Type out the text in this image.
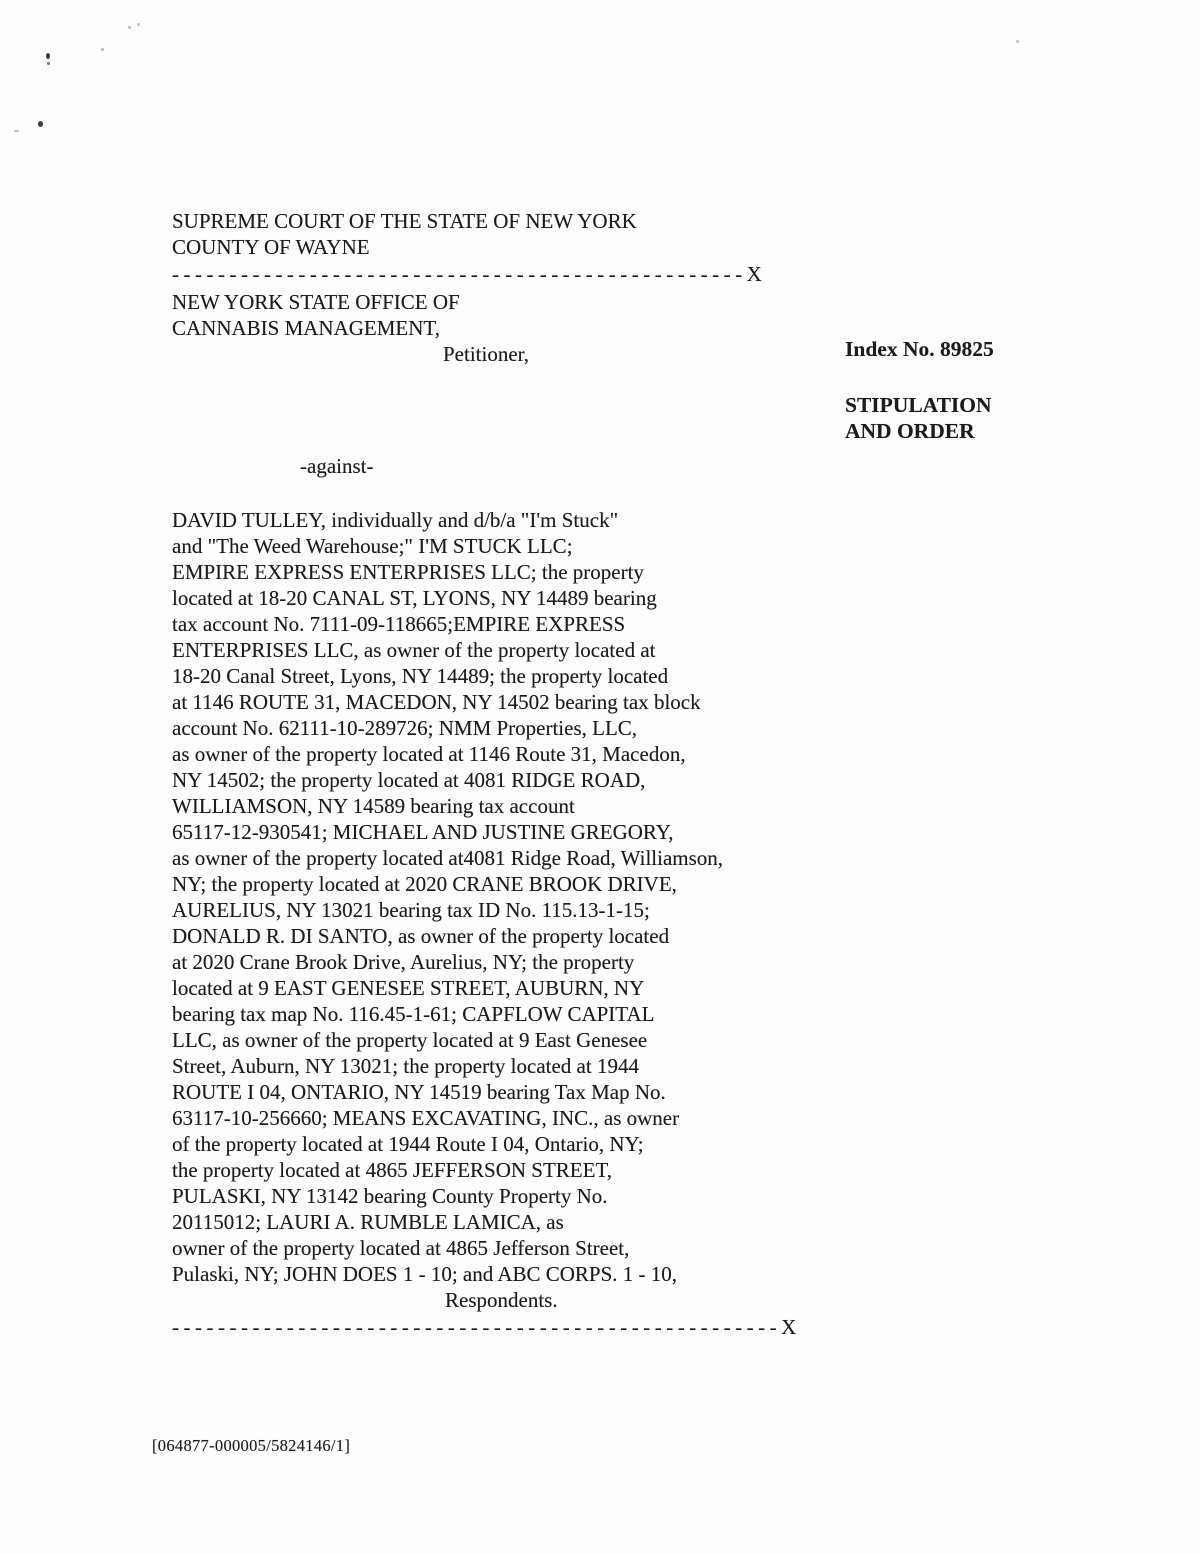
SUPREME COURT OF THE STATE OF NEW YORK
COUNTY OF WAYNE
--------------------------------------------------X
NEW YORK STATE OFFICE OF
CANNABIS MANAGEMENT,
Petitioner,
-against-
DAVID TULLEY, individually and d/b/a "I'm Stuck"
and "The Weed Warehouse;" I'M STUCK LLC;
EMPIRE EXPRESS ENTERPRISES LLC; the property
located at 18-20 CANAL ST, LYONS, NY 14489 bearing
tax account No. 7111-09-118665;EMPIRE EXPRESS
ENTERPRISES LLC, as owner of the property located at
18-20 Canal Street, Lyons, NY 14489; the property located
at 1146 ROUTE 31, MACEDON, NY 14502 bearing tax block
account No. 62111-10-289726; NMM Properties, LLC,
as owner of the property located at 1146 Route 31, Macedon,
NY 14502; the property located at 4081 RIDGE ROAD,
WILLIAMSON, NY 14589 bearing tax account
65117-12-930541; MICHAEL AND JUSTINE GREGORY,
as owner of the property located at4081 Ridge Road, Williamson,
NY; the property located at 2020 CRANE BROOK DRIVE,
AURELIUS, NY 13021 bearing tax ID No. 115.13-1-15;
DONALD R. DI SANTO, as owner of the property located
at 2020 Crane Brook Drive, Aurelius, NY; the property
located at 9 EAST GENESEE STREET, AUBURN, NY
bearing tax map No. 116.45-1-61; CAPFLOW CAPITAL
LLC, as owner of the property located at 9 East Genesee
Street, Auburn, NY 13021; the property located at 1944
ROUTE I 04, ONTARIO, NY 14519 bearing Tax Map No.
63117-10-256660; MEANS EXCAVATING, INC., as owner
of the property located at 1944 Route I 04, Ontario, NY;
the property located at 4865 JEFFERSON STREET,
PULASKI, NY 13142 bearing County Property No.
20115012; LAURI A. RUMBLE LAMICA, as
owner of the property located at 4865 Jefferson Street,
Pulaski, NY; JOHN DOES 1 - 10; and ABC CORPS. 1 - 10,
Respondents.
-----------------------------------------------------X
Index No. 89825
STIPULATION
AND ORDER
[064877-000005/5824146/1]
